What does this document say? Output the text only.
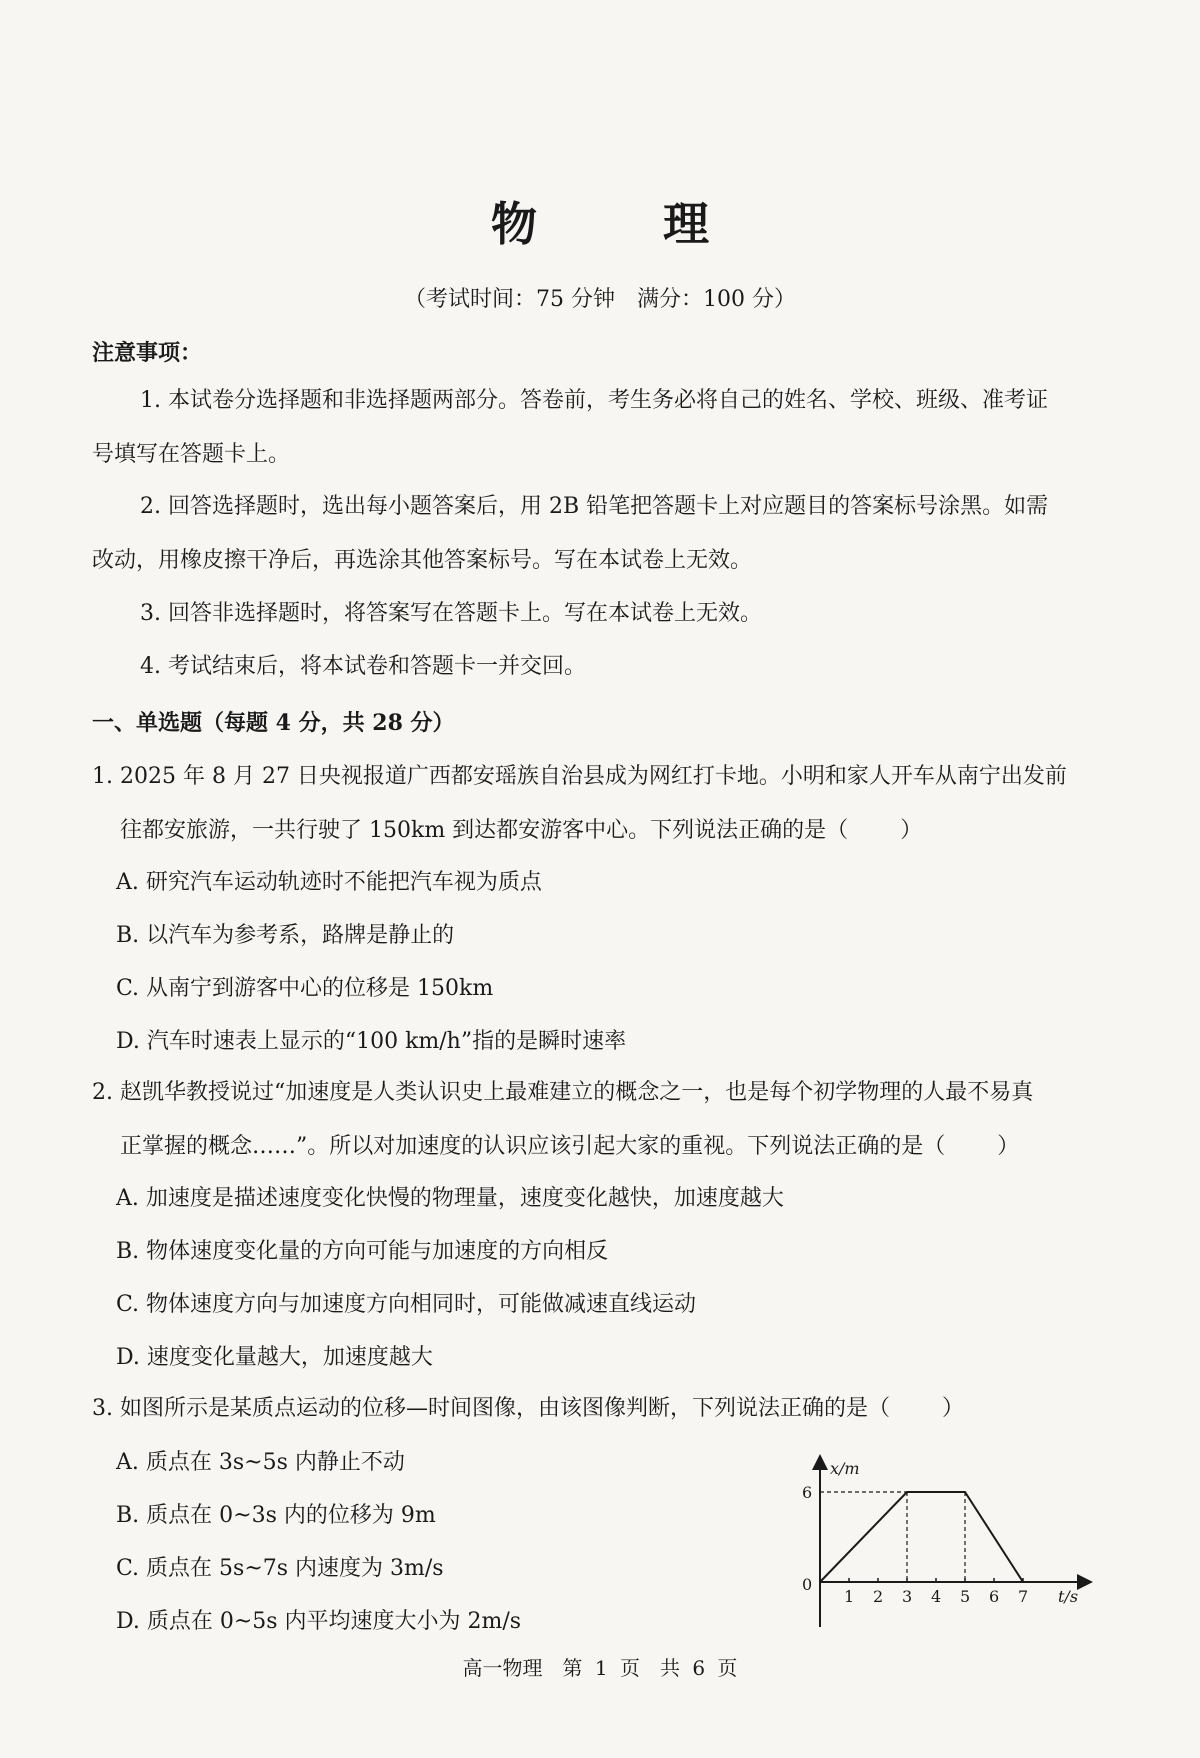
物　理
（考试时间：75 分钟　满分：100 分）
注意事项：
1. 本试卷分选择题和非选择题两部分。答卷前，考生务必将自己的姓名、学校、班级、准考证
号填写在答题卡上。
2. 回答选择题时，选出每小题答案后，用 2B 铅笔把答题卡上对应题目的答案标号涂黑。如需
改动，用橡皮擦干净后，再选涂其他答案标号。写在本试卷上无效。
3. 回答非选择题时，将答案写在答题卡上。写在本试卷上无效。
4. 考试结束后，将本试卷和答题卡一并交回。
一、单选题（每题 4 分，共 28 分）
1. 2025 年 8 月 27 日央视报道广西都安瑶族自治县成为网红打卡地。小明和家人开车从南宁出发前
往都安旅游，一共行驶了 150km 到达都安游客中心。下列说法正确的是（ ）
A. 研究汽车运动轨迹时不能把汽车视为质点
B. 以汽车为参考系，路牌是静止的
C. 从南宁到游客中心的位移是 150km
D. 汽车时速表上显示的“100 km/h”指的是瞬时速率
2. 赵凯华教授说过“加速度是人类认识史上最难建立的概念之一，也是每个初学物理的人最不易真
正掌握的概念……”。所以对加速度的认识应该引起大家的重视。下列说法正确的是（ ）
A. 加速度是描述速度变化快慢的物理量，速度变化越快，加速度越大
B. 物体速度变化量的方向可能与加速度的方向相反
C. 物体速度方向与加速度方向相同时，可能做减速直线运动
D. 速度变化量越大，加速度越大
3. 如图所示是某质点运动的位移—时间图像，由该图像判断，下列说法正确的是（ ）
A. 质点在 3s~5s 内静止不动
B. 质点在 0~3s 内的位移为 9m
C. 质点在 5s~7s 内速度为 3m/s
D. 质点在 0~5s 内平均速度大小为 2m/s
x/m
t/s
0
1 2 3 4 5 6 7
6
高一物理　第 1 页　共 6 页
